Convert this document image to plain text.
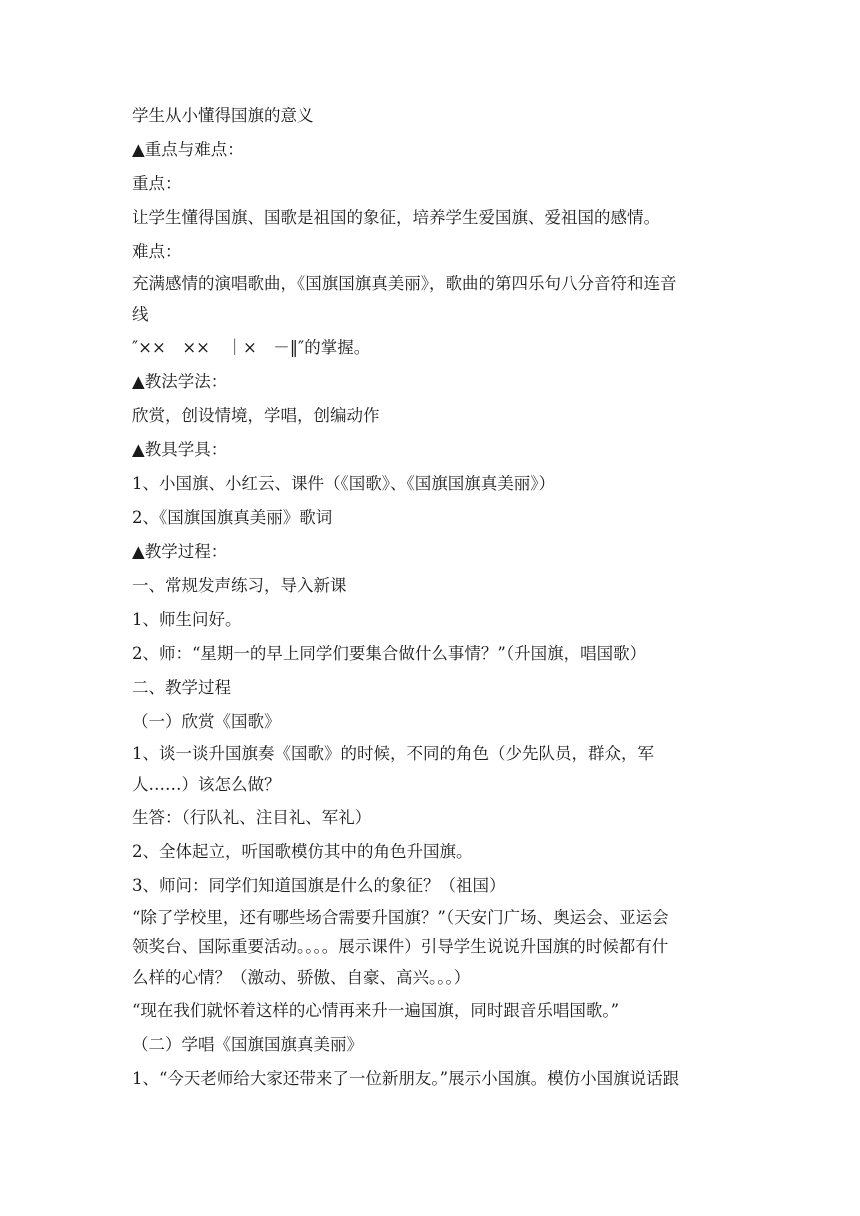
学生从小懂得国旗的意义
▲重点与难点：
重点：
让学生懂得国旗、国歌是祖国的象征，培养学生爱国旗、爱祖国的感情。
难点：
充满感情的演唱歌曲，《国旗国旗真美丽》，歌曲的第四乐句八分音符和连音
线
″××　××　｜×　－‖″的掌握。
▲教法学法：
欣赏，创设情境，学唱，创编动作
▲教具学具：
1、小国旗、小红云、课件（《国歌》、《国旗国旗真美丽》）
2、《国旗国旗真美丽》歌词
▲教学过程：
一、常规发声练习，导入新课
1、师生问好。
2、师：“星期一的早上同学们要集合做什么事情？”（升国旗，唱国歌）
二、教学过程
（一）欣赏《国歌》
1、谈一谈升国旗奏《国歌》的时候，不同的角色（少先队员，群众，军
人……）该怎么做？
生答：（行队礼、注目礼、军礼）
2、全体起立，听国歌模仿其中的角色升国旗。
3、师问：同学们知道国旗是什么的象征？（祖国）
“除了学校里，还有哪些场合需要升国旗？”（天安门广场、奥运会、亚运会
领奖台、国际重要活动。。。。展示课件）引导学生说说升国旗的时候都有什
么样的心情？（激动、骄傲、自豪、高兴。。。）
“现在我们就怀着这样的心情再来升一遍国旗，同时跟音乐唱国歌。”
（二）学唱《国旗国旗真美丽》
1、“今天老师给大家还带来了一位新朋友。”展示小国旗。模仿小国旗说话跟
